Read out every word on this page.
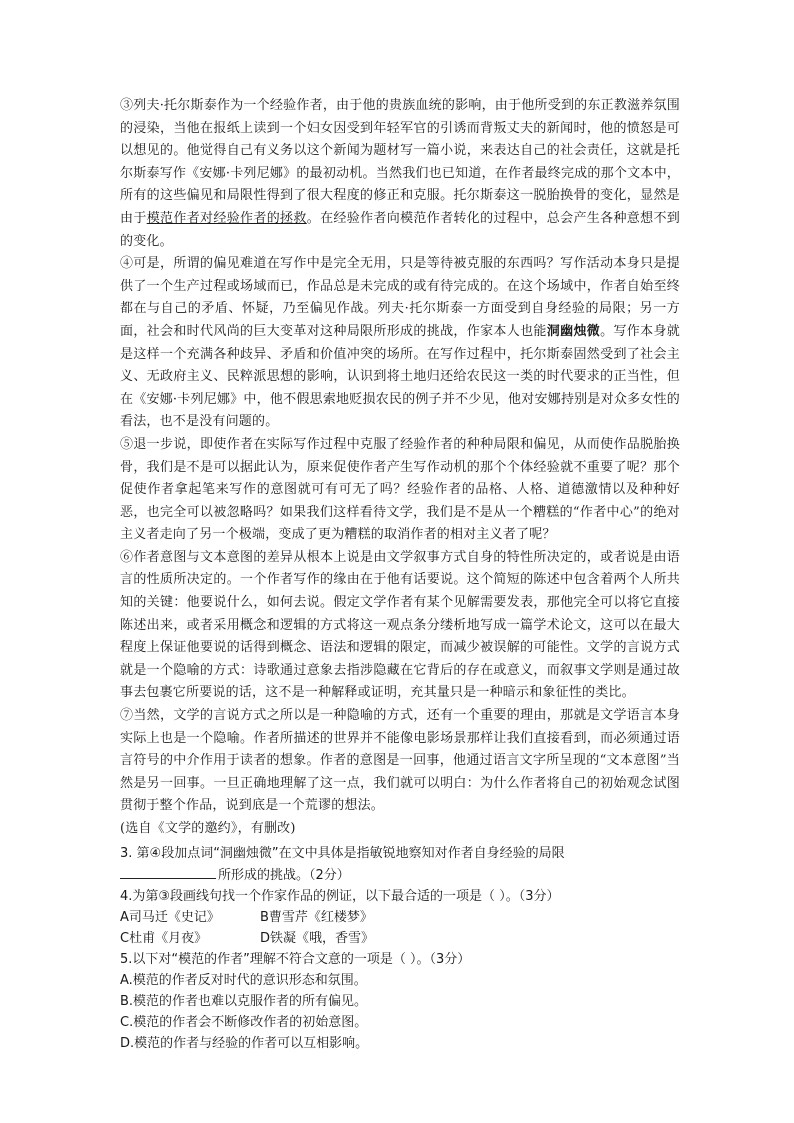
③列夫·托尔斯泰作为一个经验作者，由于他的贵族血统的影响，由于他所受到的东正教滋养氛围的浸染，当他在报纸上读到一个妇女因受到年轻军官的引诱而背叛丈夫的新闻时，他的愤怒是可以想见的。他觉得自己有义务以这个新闻为题材写一篇小说，来表达自己的社会责任，这就是托尔斯泰写作《安娜·卡列尼娜》的最初动机。当然我们也已知道，在作者最终完成的那个文本中，所有的这些偏见和局限性得到了很大程度的修正和克服。托尔斯泰这一脱胎换骨的变化，显然是由于模范作者对经验作者的拯救。在经验作者向模范作者转化的过程中，总会产生各种意想不到的变化。

④可是，所谓的偏见难道在写作中是完全无用，只是等待被克服的东西吗？写作活动本身只是提供了一个生产过程或场域而已，作品总是未完成的或有待完成的。在这个场域中，作者自始至终都在与自己的矛盾、怀疑，乃至偏见作战。列夫·托尔斯泰一方面受到自身经验的局限；另一方面，社会和时代风尚的巨大变革对这种局限所形成的挑战，作家本人也能洞幽烛微。写作本身就是这样一个充满各种歧异、矛盾和价值冲突的场所。在写作过程中，托尔斯泰固然受到了社会主义、无政府主义、民粹派思想的影响，认识到将土地归还给农民这一类的时代要求的正当性，但在《安娜·卡列尼娜》中，他不假思索地贬损农民的例子并不少见，他对安娜持别是对众多女性的看法，也不是没有问题的。

⑤退一步说，即使作者在实际写作过程中克服了经验作者的种种局限和偏见，从而使作品脱胎换骨，我们是不是可以据此认为，原来促使作者产生写作动机的那个个体经验就不重要了呢？那个促使作者拿起笔来写作的意图就可有可无了吗？经验作者的品格、人格、道德激情以及种种好恶，也完全可以被忽略吗？如果我们这样看待文学，我们是不是从一个糟糕的“作者中心”的绝对主义者走向了另一个极端，变成了更为糟糕的取消作者的相对主义者了呢？

⑥作者意图与文本意图的差异从根本上说是由文学叙事方式自身的特性所决定的，或者说是由语言的性质所决定的。一个作者写作的缘由在于他有话要说。这个简短的陈述中包含着两个人所共知的关键：他要说什么，如何去说。假定文学作者有某个见解需要发表，那他完全可以将它直接陈述出来，或者采用概念和逻辑的方式将这一观点条分缕析地写成一篇学术论文，这可以在最大程度上保证他要说的话得到概念、语法和逻辑的限定，而减少被误解的可能性。文学的言说方式就是一个隐喻的方式：诗歌通过意象去指涉隐藏在它背后的存在或意义，而叙事文学则是通过故事去包裹它所要说的话，这不是一种解释或证明，充其量只是一种暗示和象征性的类比。

⑦当然，文学的言说方式之所以是一种隐喻的方式，还有一个重要的理由，那就是文学语言本身实际上也是一个隐喻。作者所描述的世界并不能像电影场景那样让我们直接看到，而必须通过语言符号的中介作用于读者的想象。作者的意图是一回事，他通过语言文字所呈现的“文本意图”当然是另一回事。一旦正确地理解了这一点，我们就可以明白：为什么作者将自己的初始观念试图贯彻于整个作品，说到底是一个荒谬的想法。

(选自《文学的邀约》，有删改)

3. 第④段加点词“洞幽烛微”在文中具体是指敏锐地察知对作者自身经验的局限

所形成的挑战。（2分）

4.为第③段画线句找一个作家作品的例证，以下最合适的一项是（ ）。（3分）

A司马迁《史记》	B曹雪芹《红楼梦》

C杜甫《月夜》	D铁凝《哦，香雪》

5.以下对“模范的作者”理解不符合文意的一项是（ ）。（3分）

A.模范的作者反对时代的意识形态和氛围。

B.模范的作者也难以克服作者的所有偏见。

C.模范的作者会不断修改作者的初始意图。

D.模范的作者与经验的作者可以互相影响。
